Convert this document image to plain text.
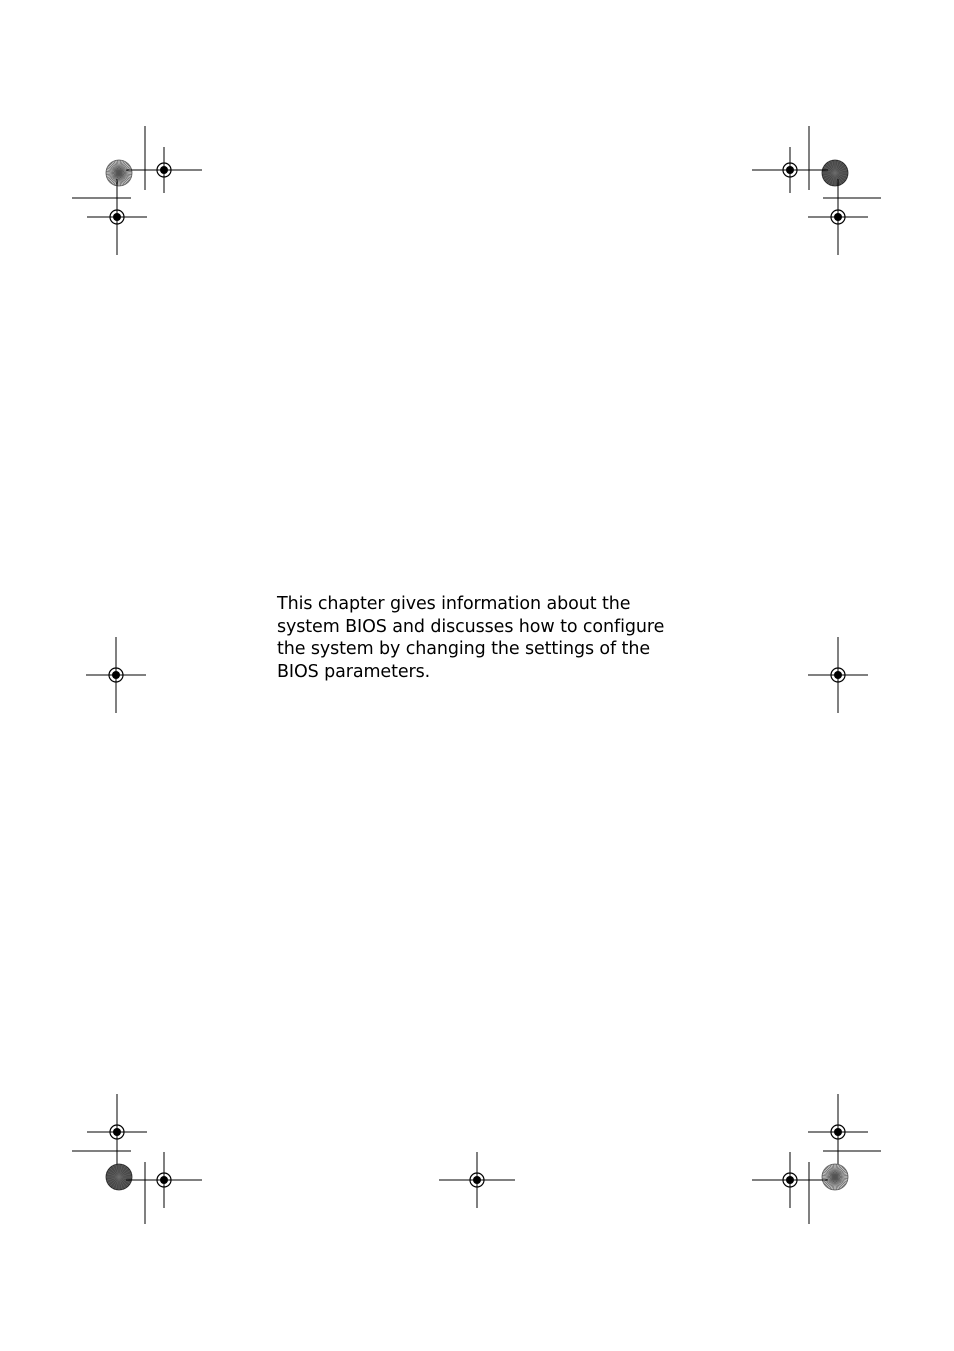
This chapter gives information about the
system BIOS and discusses how to configure
the system by changing the settings of the
BIOS parameters.
